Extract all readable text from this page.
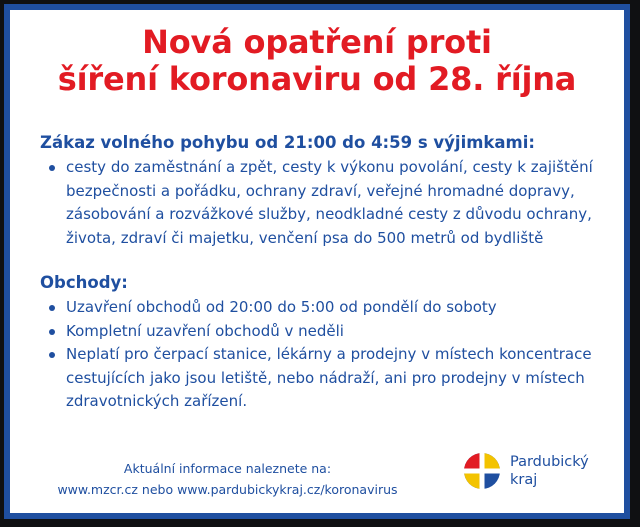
Nová opatření proti
šíření koronaviru od 28. října
Zákaz volného pohybu od 21:00 do 4:59 s výjimkami:
cesty do zaměstnání a zpět, cesty k výkonu povolání, cesty k zajištění bezpečnosti a pořádku, ochrany zdraví, veřejné hromadné dopravy, zásobování a rozvážkové služby, neodkladné cesty z důvodu ochrany, života, zdraví či majetku, venčení psa do 500 metrů od bydliště
Obchody:
Uzavření obchodů od 20:00 do 5:00 od pondělí do soboty
Kompletní uzavření obchodů v neděli
Neplatí pro čerpací stanice, lékárny a prodejny v místech koncentrace cestujících jako jsou letiště, nebo nádraží, ani pro prodejny v místech zdravotnických zařízení.
Aktuální informace naleznete na:
www.mzcr.cz nebo www.pardubickykraj.cz/koronavirus
Pardubický
kraj
